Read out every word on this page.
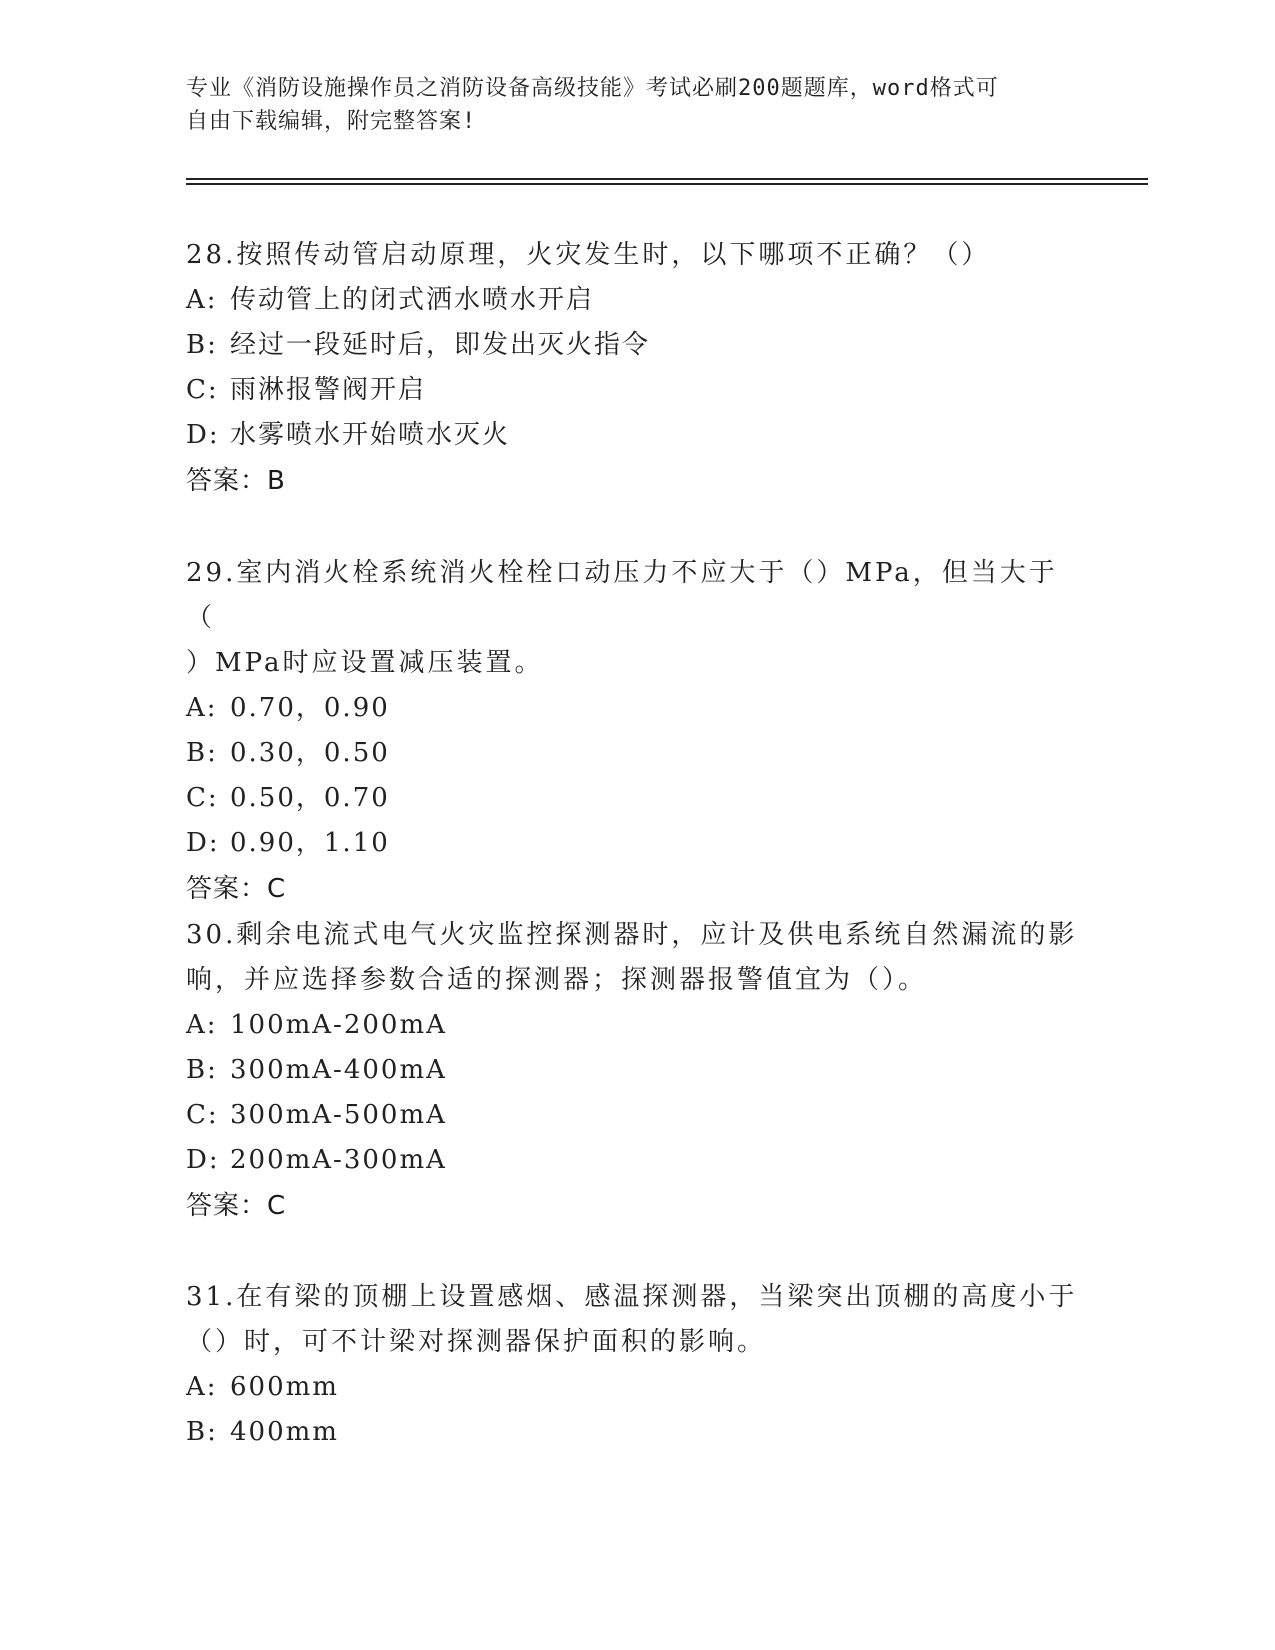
专业《消防设施操作员之消防设备高级技能》考试必刷200题题库，word格式可
自由下载编辑，附完整答案!
28.按照传动管启动原理，火灾发生时，以下哪项不正确？（）
A: 传动管上的闭式洒水喷水开启
B: 经过一段延时后，即发出灭火指令
C: 雨淋报警阀开启
D: 水雾喷水开始喷水灭火
答案：B
29.室内消火栓系统消火栓栓口动压力不应大于（）MPa，但当大于（
）MPa时应设置减压装置。
A: 0.70，0.90
B: 0.30，0.50
C: 0.50，0.70
D: 0.90，1.10
答案：C
30.剩余电流式电气火灾监控探测器时，应计及供电系统自然漏流的影
响，并应选择参数合适的探测器；探测器报警值宜为（）。
A: 100mA-200mA
B: 300mA-400mA
C: 300mA-500mA
D: 200mA-300mA
答案：C
31.在有梁的顶棚上设置感烟、感温探测器，当梁突出顶棚的高度小于
（）时，可不计梁对探测器保护面积的影响。
A: 600mm
B: 400mm
